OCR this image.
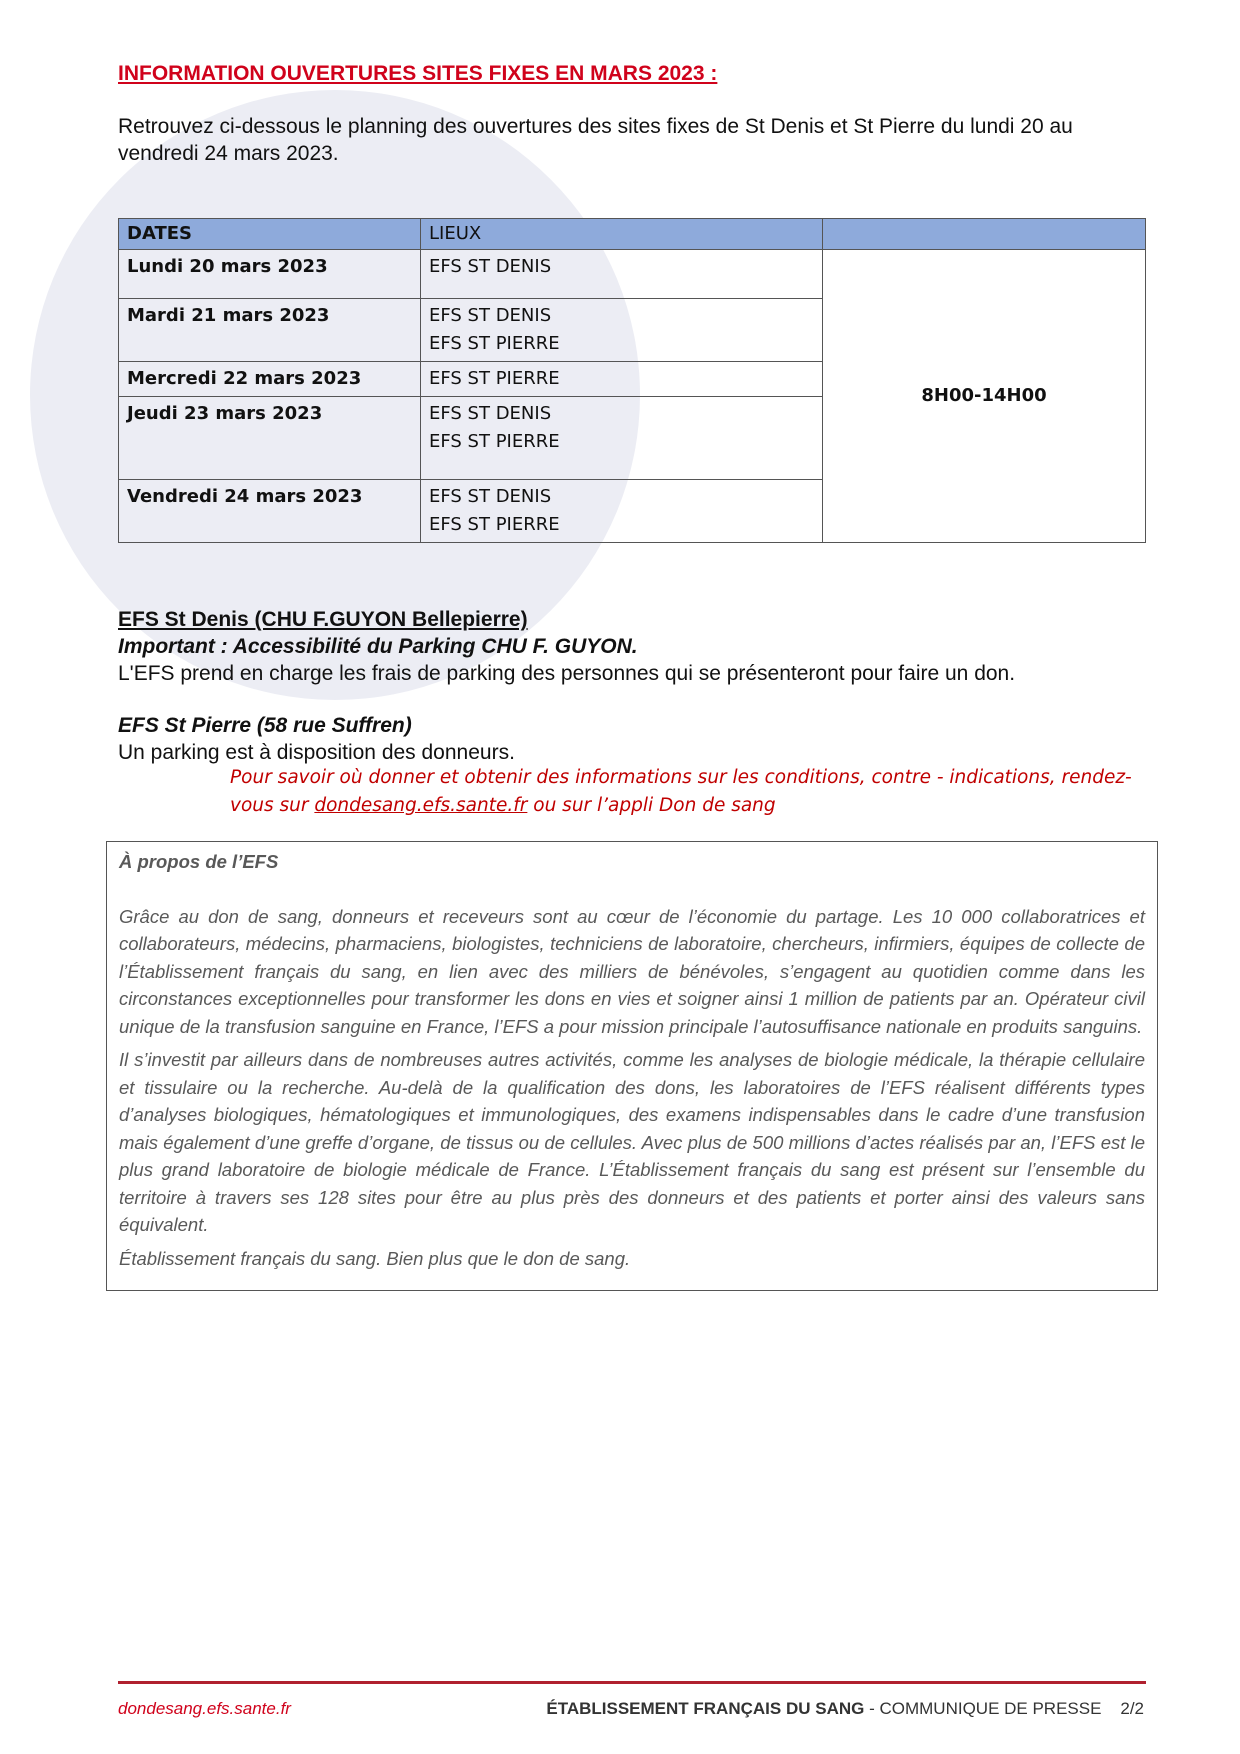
INFORMATION OUVERTURES SITES FIXES EN MARS 2023 :

Retrouvez ci-dessous le planning des ouvertures des sites fixes de St Denis et St Pierre du lundi 20 au vendredi 24 mars 2023.

DATES	LIEUX	
Lundi 20 mars 2023	EFS ST DENIS	8H00-14H00
Mardi 21 mars 2023	EFS ST DENIS
EFS ST PIERRE	

Mercredi 22 mars 2023	EFS ST PIERRE	

Jeudi 23 mars 2023	EFS ST DENIS
EFS ST PIERRE	

Vendredi 24 mars 2023	EFS ST DENIS
EFS ST PIERRE	
EFS St Denis (CHU F.GUYON Bellepierre)
Important : Accessibilité du Parking CHU F. GUYON.
L'EFS prend en charge les frais de parking des personnes qui se présenteront pour faire un don.
EFS St Pierre (58 rue Suffren)
Un parking est à disposition des donneurs.

Pour savoir où donner et obtenir des informations sur les conditions, contre - indications, rendez-vous sur dondesang.efs.sante.fr ou sur l’appli Don de sang

À propos de l’EFS

Grâce au don de sang, donneurs et receveurs sont au cœur de l’économie du partage. Les 10 000 collaboratrices et collaborateurs, médecins, pharmaciens, biologistes, techniciens de laboratoire, chercheurs, infirmiers, équipes de collecte de l’Établissement français du sang, en lien avec des milliers de bénévoles, s’engagent au quotidien comme dans les circonstances exceptionnelles pour transformer les dons en vies et soigner ainsi 1 million de patients par an. Opérateur civil unique de la transfusion sanguine en France, l’EFS a pour mission principale l’autosuffisance nationale en produits sanguins.

Il s’investit par ailleurs dans de nombreuses autres activités, comme les analyses de biologie médicale, la thérapie cellulaire et tissulaire ou la recherche. Au-delà de la qualification des dons, les laboratoires de l’EFS réalisent différents types d’analyses biologiques, hématologiques et immunologiques, des examens indispensables dans le cadre d’une transfusion mais également d’une greffe d’organe, de tissus ou de cellules. Avec plus de 500 millions d’actes réalisés par an, l’EFS est le plus grand laboratoire de biologie médicale de France. L’Établissement français du sang est présent sur l’ensemble du territoire à travers ses 128 sites pour être au plus près des donneurs et des patients et porter ainsi des valeurs sans équivalent.

Établissement français du sang. Bien plus que le don de sang.

dondesang.efs.sante.fr	ÉTABLISSEMENT FRANÇAIS DU SANG - COMMUNIQUE DE PRESSE 2/2
